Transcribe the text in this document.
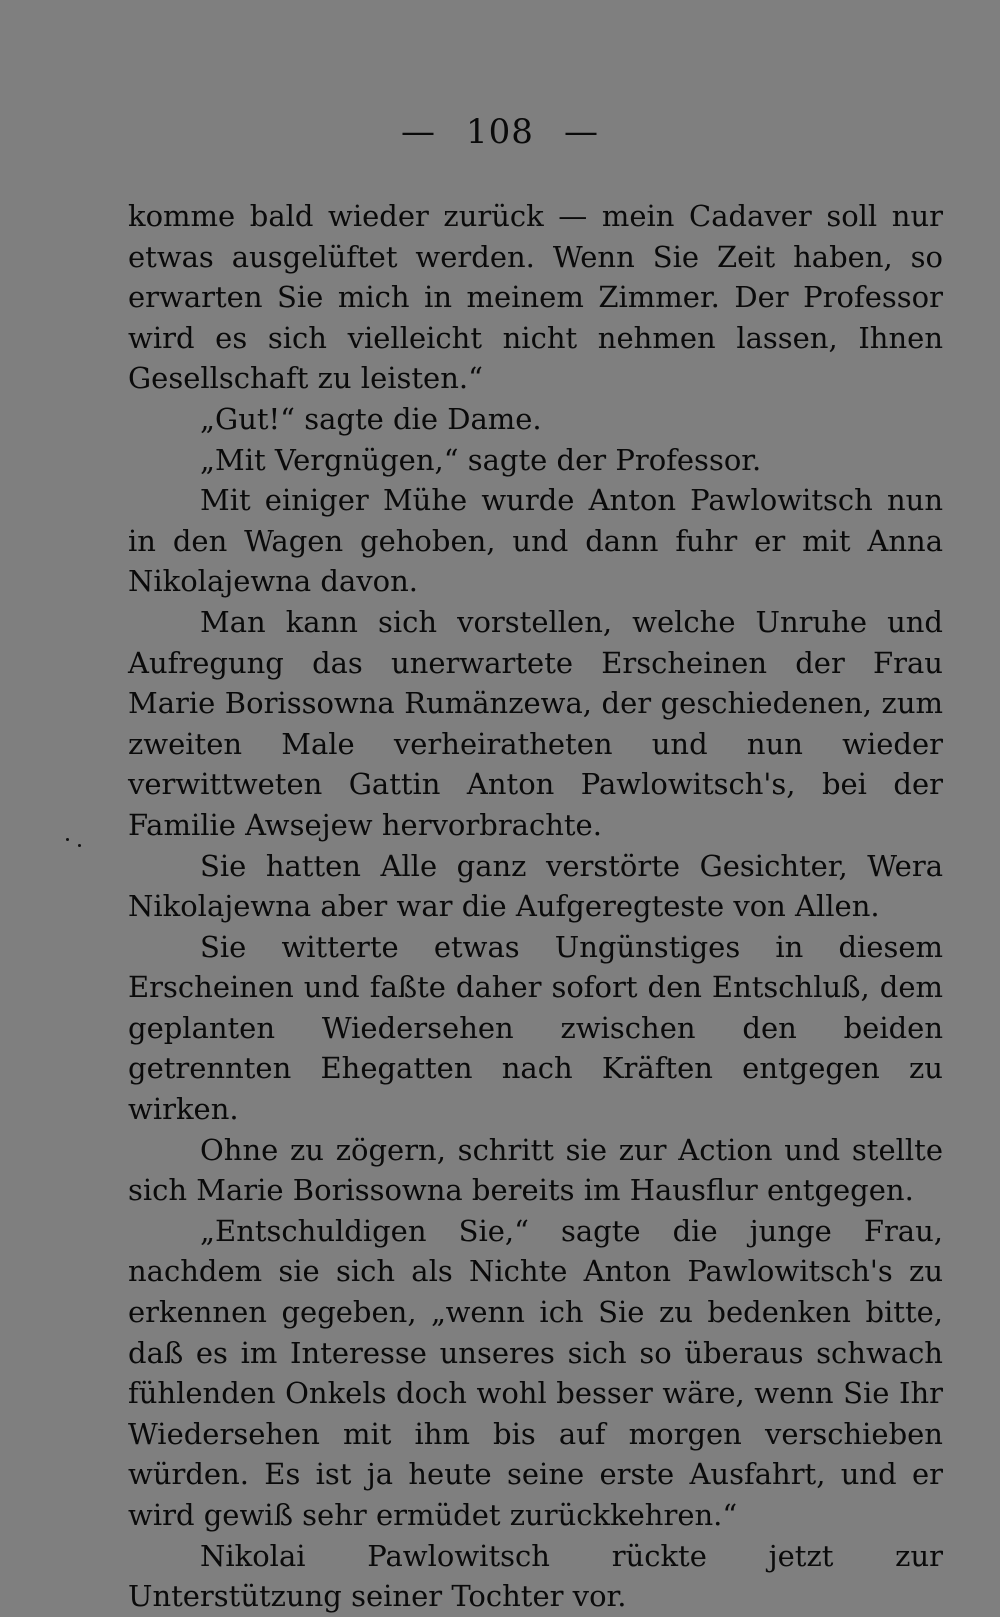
— 108 —

komme bald wieder zurück — mein Cadaver soll nur etwas ausgelüftet werden. Wenn Sie Zeit haben, so erwarten Sie mich in meinem Zimmer. Der Professor wird es sich vielleicht nicht nehmen lassen, Ihnen Gesellschaft zu leisten.“

„Gut!“ sagte die Dame.

„Mit Vergnügen,“ sagte der Professor.

Mit einiger Mühe wurde Anton Pawlowitsch nun in den Wagen gehoben, und dann fuhr er mit Anna Nikolajewna davon.

Man kann sich vorstellen, welche Unruhe und Aufregung das unerwartete Erscheinen der Frau Marie Borissowna Rumänzewa, der geschiedenen, zum zweiten Male verheiratheten und nun wieder verwittweten Gattin Anton Pawlowitsch's, bei der Familie Awsejew hervorbrachte.

Sie hatten Alle ganz verstörte Gesichter, Wera Nikolajewna aber war die Aufgeregteste von Allen.

Sie witterte etwas Ungünstiges in diesem Erscheinen und faßte daher sofort den Entschluß, dem geplanten Wiedersehen zwischen den beiden getrennten Ehegatten nach Kräften entgegen zu wirken.

Ohne zu zögern, schritt sie zur Action und stellte sich Marie Borissowna bereits im Hausflur entgegen.

„Entschuldigen Sie,“ sagte die junge Frau, nachdem sie sich als Nichte Anton Pawlowitsch's zu erkennen gegeben, „wenn ich Sie zu bedenken bitte, daß es im Interesse unseres sich so überaus schwach fühlenden Onkels doch wohl besser wäre, wenn Sie Ihr Wiedersehen mit ihm bis auf morgen verschieben würden. Es ist ja heute seine erste Ausfahrt, und er wird gewiß sehr ermüdet zurückkehren.“

Nikolai Pawlowitsch rückte jetzt zur Unterstützung seiner Tochter vor.
